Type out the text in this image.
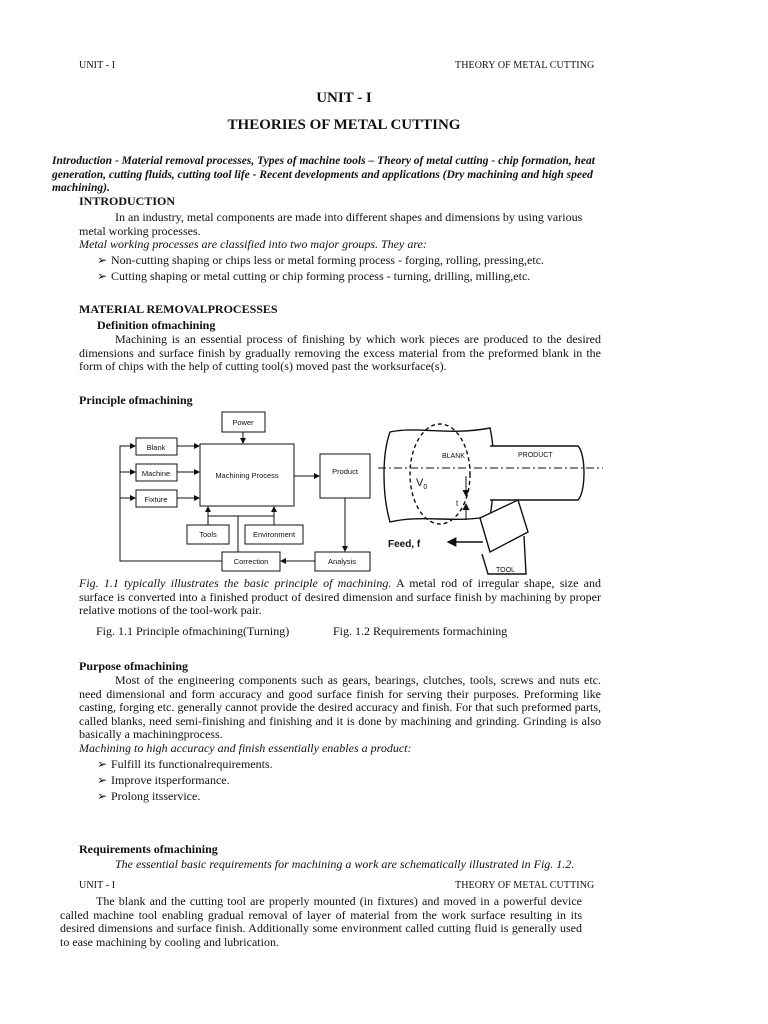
UNIT - I	THEORY OF METAL CUTTING
UNIT - I
THEORIES OF METAL CUTTING
Introduction - Material removal processes, Types of machine tools – Theory of metal cutting - chip formation, heat generation, cutting fluids, cutting tool life - Recent developments and applications (Dry machining and high speed machining).
INTRODUCTION
In an industry, metal components are made into different shapes and dimensions by using various metal working processes.
Metal working processes are classified into two major groups. They are:
➢ Non-cutting shaping or chips less or metal forming process - forging, rolling, pressing,etc.
➢ Cutting shaping or metal cutting or chip forming process - turning, drilling, milling,etc.
MATERIAL REMOVALPROCESSES
Definition ofmachining
Machining is an essential process of finishing by which work pieces are produced to the desired dimensions and surface finish by gradually removing the excess material from the preformed blank in the form of chips with the help of cutting tool(s) moved past the worksurface(s).
Principle ofmachining
Power
Blank
Machine
Fixture
Machining Process	Product
Tools	Environment
Correction	Analysis
BLANK	PRODUCT
$V_0$
t
Feed, f
TOOL
Fig. 1.1 typically illustrates the basic principle of machining. A metal rod of irregular shape, size and surface is converted into a finished product of desired dimension and surface finish by machining by proper relative motions of the tool-work pair.
Fig. 1.1 Principle ofmachining(Turning)	Fig. 1.2 Requirements formachining
Purpose ofmachining
Most of the engineering components such as gears, bearings, clutches, tools, screws and nuts etc. need dimensional and form accuracy and good surface finish for serving their purposes. Preforming like casting, forging etc. generally cannot provide the desired accuracy and finish. For that such preformed parts, called blanks, need semi-finishing and finishing and it is done by machining and grinding. Grinding is also basically a machiningprocess.
Machining to high accuracy and finish essentially enables a product:
➢ Fulfill its functionalrequirements.
➢ Improve itsperformance.
➢ Prolong itsservice.
Requirements ofmachining
The essential basic requirements for machining a work are schematically illustrated in Fig. 1.2.
UNIT - I	THEORY OF METAL CUTTING
The blank and the cutting tool are properly mounted (in fixtures) and moved in a powerful device called machine tool enabling gradual removal of layer of material from the work surface resulting in its desired dimensions and surface finish. Additionally some environment called cutting fluid is generally used to ease machining by cooling and lubrication.
